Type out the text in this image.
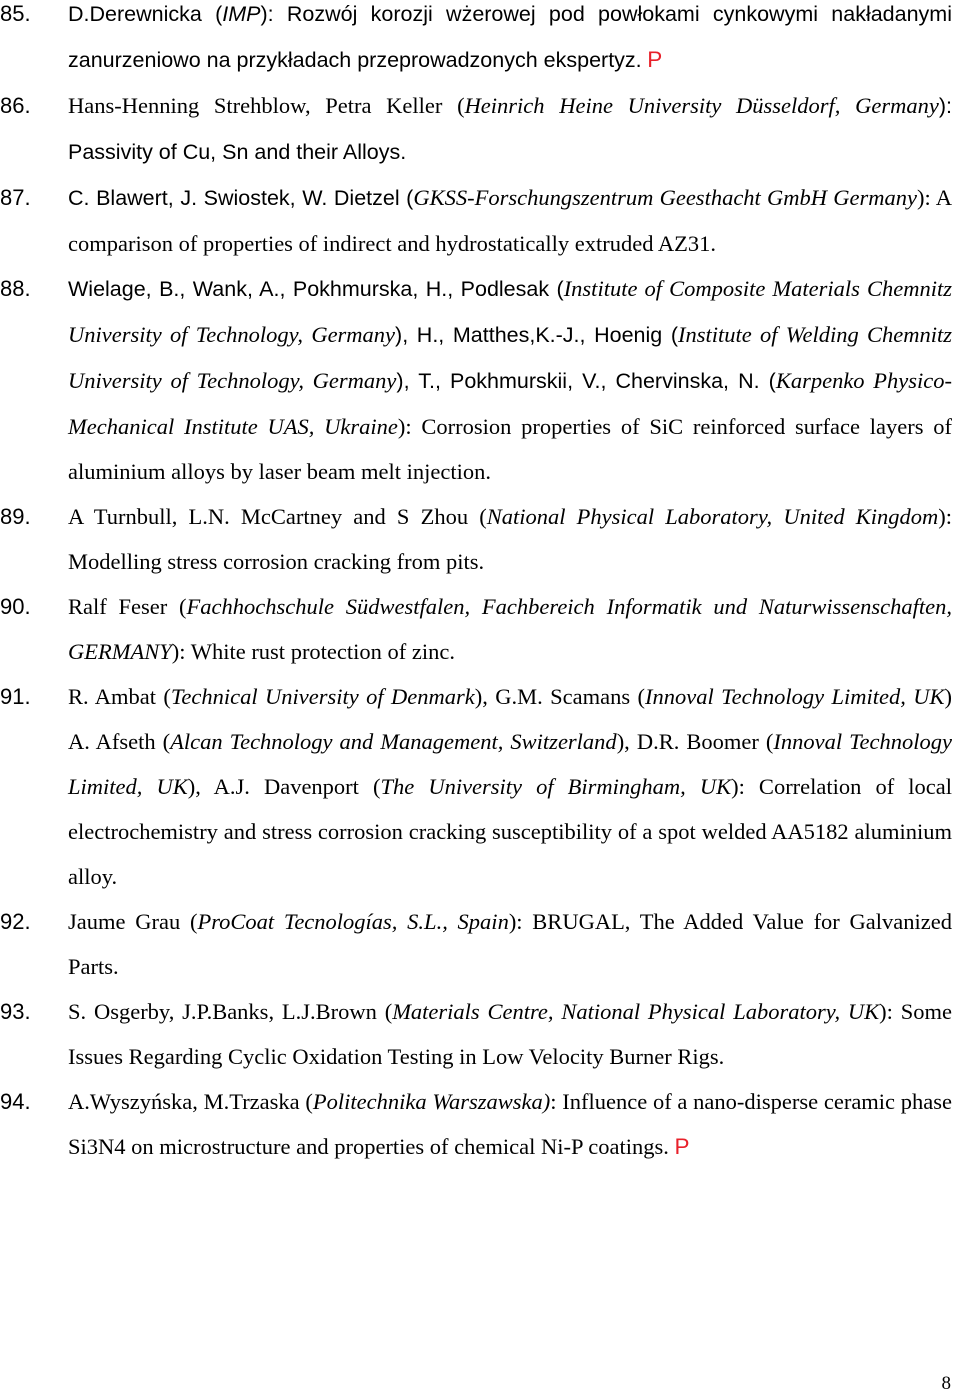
85. D.Derewnicka (IMP): Rozwój korozji wżerowej pod powłokami cynkowymi nakładanymi zanurzeniowo na przykładach przeprowadzonych ekspertyz. P
86. Hans-Henning Strehblow, Petra Keller (Heinrich Heine University Düsseldorf, Germany): Passivity of Cu, Sn and their Alloys.
87. C. Blawert, J. Swiostek, W. Dietzel (GKSS-Forschungszentrum Geesthacht GmbH Germany): A comparison of properties of indirect and hydrostatically extruded AZ31.
88. Wielage, B., Wank, A., Pokhmurska, H., Podlesak (Institute of Composite Materials Chemnitz University of Technology, Germany), H., Matthes,K.-J., Hoenig (Institute of Welding Chemnitz University of Technology, Germany), T., Pokhmurskii, V., Chervinska, N. (Karpenko Physico-Mechanical Institute UAS, Ukraine): Corrosion properties of SiC reinforced surface layers of aluminium alloys by laser beam melt injection.
89. A Turnbull, L.N. McCartney and S Zhou (National Physical Laboratory, United Kingdom): Modelling stress corrosion cracking from pits.
90. Ralf Feser (Fachhochschule Südwestfalen, Fachbereich Informatik und Naturwissenschaften, GERMANY): White rust protection of zinc.
91. R. Ambat (Technical University of Denmark), G.M. Scamans (Innoval Technology Limited, UK) A. Afseth (Alcan Technology and Management, Switzerland), D.R. Boomer (Innoval Technology Limited, UK), A.J. Davenport (The University of Birmingham, UK): Correlation of local electrochemistry and stress corrosion cracking susceptibility of a spot welded AA5182 aluminium alloy.
92. Jaume Grau (ProCoat Tecnologías, S.L., Spain): BRUGAL, The Added Value for Galvanized Parts.
93. S. Osgerby, J.P.Banks, L.J.Brown (Materials Centre, National Physical Laboratory, UK): Some Issues Regarding Cyclic Oxidation Testing in Low Velocity Burner Rigs.
94. A.Wyszyńska, M.Trzaska (Politechnika Warszawska): Influence of a nano-disperse ceramic phase Si3N4 on microstructure and properties of chemical Ni-P coatings. P
8
